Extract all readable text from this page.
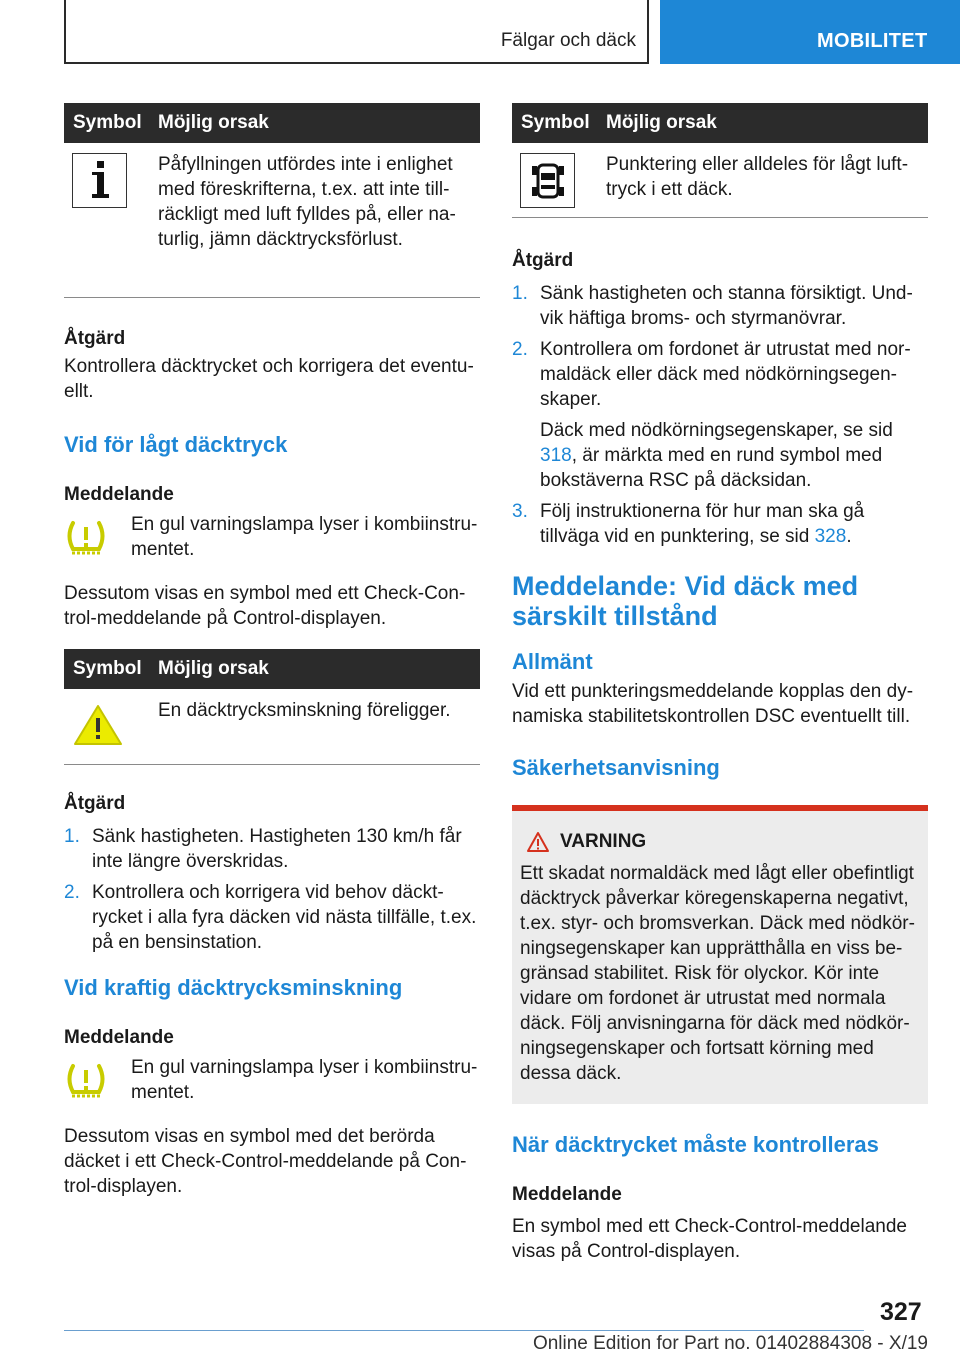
Fälgar och däck	MOBILITET
Symbol Möjlig orsak
Påfyllningen utfördes inte i enlighet med föreskrifterna, t.ex. att inte tillräckligt med luft fylldes på, eller naturlig, jämn däcktrycksförlust.
Åtgärd
Kontrollera däcktrycket och korrigera det eventuellt.
Vid för lågt däcktryck
Meddelande
En gul varningslampa lyser i kombiinstrumentet.
Dessutom visas en symbol med ett Check-Control-meddelande på Control-displayen.
Symbol Möjlig orsak
En däcktrycksminskning föreligger.
Åtgärd
1. Sänk hastigheten. Hastigheten 130 km/h får inte längre överskridas.
2. Kontrollera och korrigera vid behov däcktrycket i alla fyra däcken vid nästa tillfälle, t.ex. på en bensinstation.
Vid kraftig däcktrycksminskning
Meddelande
En gul varningslampa lyser i kombiinstrumentet.
Dessutom visas en symbol med det berörda däcket i ett Check-Control-meddelande på Control-displayen.
Symbol Möjlig orsak
Punktering eller alldeles för lågt lufttryck i ett däck.
Åtgärd
1. Sänk hastigheten och stanna försiktigt. Undvik häftiga broms- och styrmanövrar.
2. Kontrollera om fordonet är utrustat med normaldäck eller däck med nödkörningsegenskaper.
Däck med nödkörningsegenskaper, se sid 318, är märkta med en rund symbol med bokstäverna RSC på däcksidan.
3. Följ instruktionerna för hur man ska gå tillväga vid en punktering, se sid 328.
Meddelande: Vid däck med särskilt tillstånd
Allmänt
Vid ett punkteringsmeddelande kopplas den dynamiska stabilitetskontrollen DSC eventuellt till.
Säkerhetsanvisning
VARNING
Ett skadat normaldäck med lågt eller obefintligt däcktryck påverkar köregenskaperna negativt, t.ex. styr- och bromsverkan. Däck med nödkörningsegenskaper kan upprätthålla en viss begränsad stabilitet. Risk för olyckor. Kör inte vidare om fordonet är utrustat med normala däck. Följ anvisningarna för däck med nödkörningsegenskaper och fortsatt körning med dessa däck.
När däcktrycket måste kontrolleras
Meddelande
En symbol med ett Check-Control-meddelande visas på Control-displayen.
327
Online Edition for Part no. 01402884308 - X/19
